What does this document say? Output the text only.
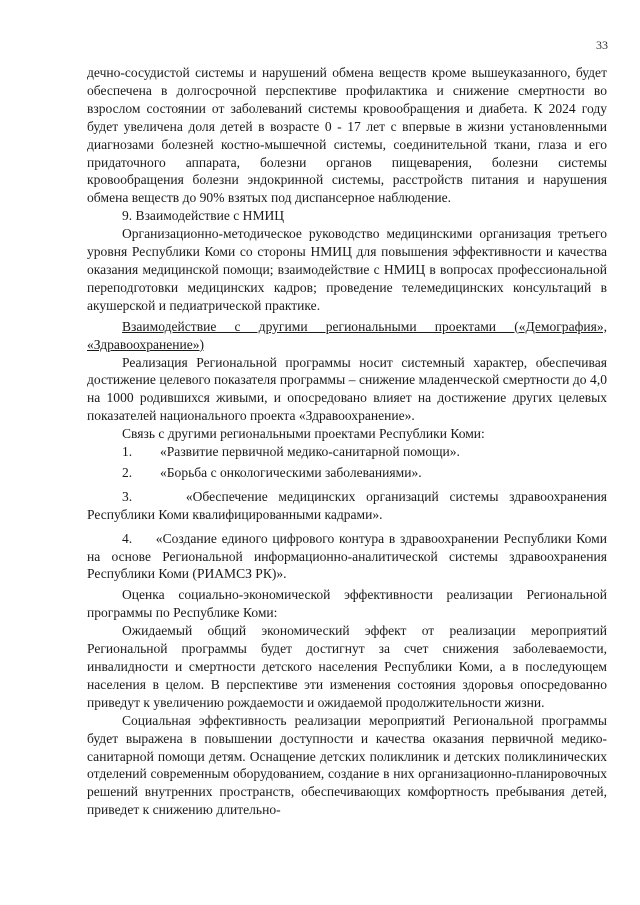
33

дечно-сосудистой системы и нарушений обмена веществ кроме вышеуказанного, будет обеспечена в долгосрочной перспективе профилактика и снижение смертности во взрослом состоянии от заболеваний системы кровообращения и диабета. К 2024 году будет увеличена доля детей в возрасте 0 - 17 лет с впервые в жизни установленными диагнозами болезней костно-мышечной системы, соединительной ткани, глаза и его придаточного аппарата, болезни органов пищеварения, болезни системы кровообращения болезни эндокринной системы, расстройств питания и нарушения обмена веществ до 90% взятых под диспансерное наблюдение.

9. Взаимодействие с НМИЦ

Организационно-методическое руководство медицинскими организация третьего уровня Республики Коми со стороны НМИЦ для повышения эффективности и качества оказания медицинской помощи; взаимодействие с НМИЦ в вопросах профессиональной переподготовки медицинских кадров; проведение телемедицинских консультаций в акушерской и педиатрической практике.

Взаимодействие с другими региональными проектами («Демография», «Здравоохранение»)

Реализация Региональной программы носит системный характер, обеспечивая достижение целевого показателя программы – снижение младенческой смертности до 4,0 на 1000 родившихся живыми, и опосредовано влияет на достижение других целевых показателей национального проекта «Здравоохранение».

Связь с другими региональными проектами Республики Коми:

1.	«Развитие первичной медико-санитарной помощи».

2.	«Борьба с онкологическими заболеваниями».

3.	«Обеспечение медицинских организаций системы здравоохранения Республики Коми квалифицированными кадрами».

4. «Создание единого цифрового контура в здравоохранении Республики Коми на основе Региональной информационно-аналитической системы здравоохранения Республики Коми (РИАМСЗ РК)».

Оценка социально-экономической эффективности реализации Региональной программы по Республике Коми:

Ожидаемый общий экономический эффект от реализации мероприятий Региональной программы будет достигнут за счет снижения заболеваемости, инвалидности и смертности детского населения Республики Коми, а в последующем населения в целом. В перспективе эти изменения состояния здоровья опосредованно приведут к увеличению рождаемости и ожидаемой продолжительности жизни.

Социальная эффективность реализации мероприятий Региональной программы будет выражена в повышении доступности и качества оказания первичной медико-санитарной помощи детям. Оснащение детских поликлиник и детских поликлинических отделений современным оборудованием, создание в них организационно-планировочных решений внутренних пространств, обеспечивающих комфортность пребывания детей, приведет к снижению длительно-
